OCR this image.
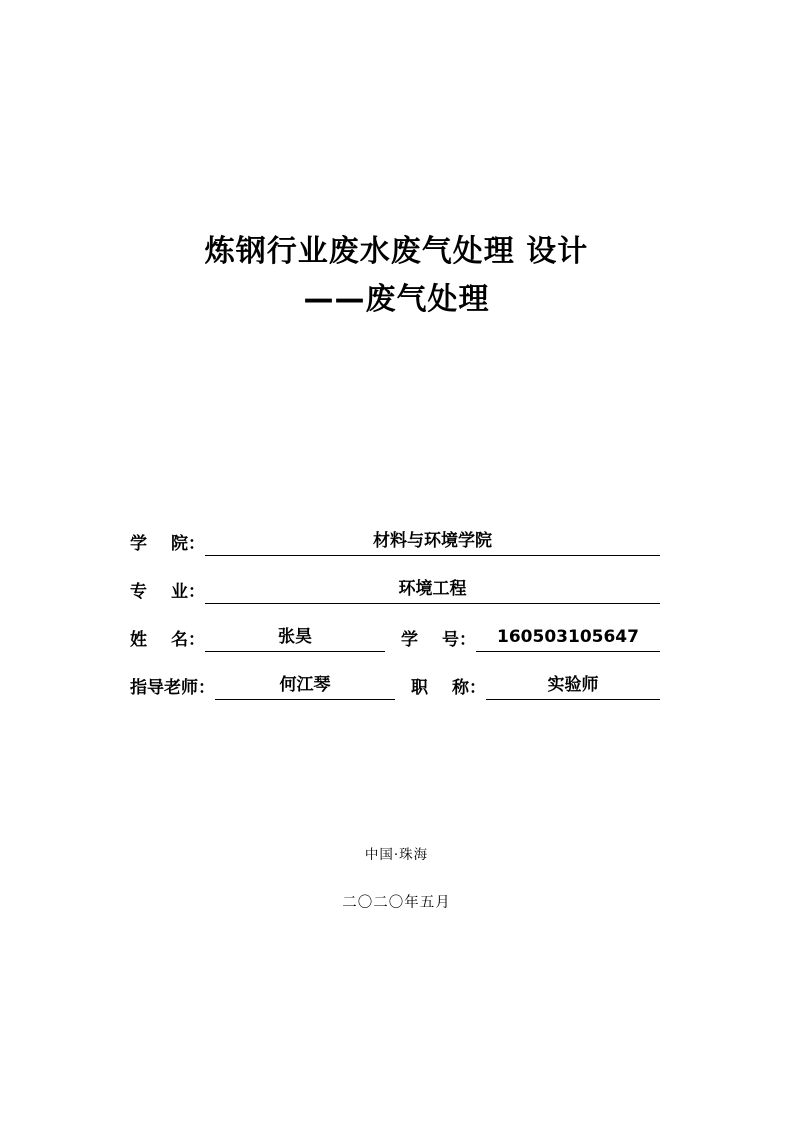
炼钢行业废水废气处理 设计
——废气处理
学 院：	材料与环境学院
专 业：	环境工程
姓 名：	张昊	学 号：	160503105647
指导老师：	何江琴	职 称：	实验师
中国·珠海
二〇二〇年五月
